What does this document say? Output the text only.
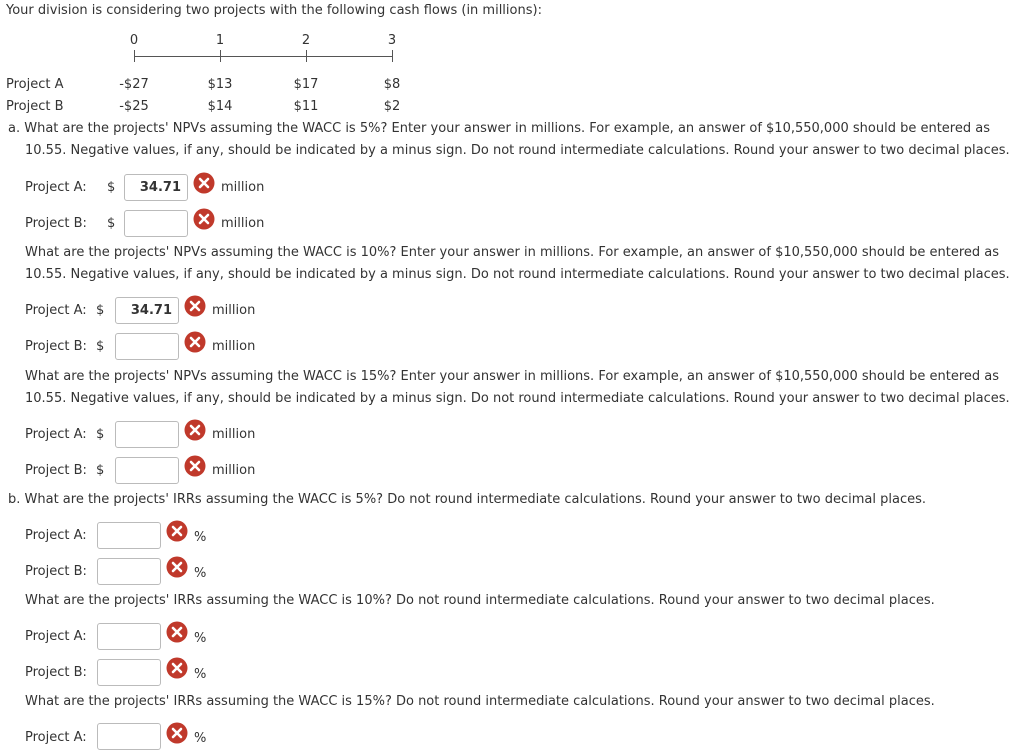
Your division is considering two projects with the following cash flows (in millions):
0	1	2	3
Project A	-$27	$13	$17	$8
Project B	-$25	$14	$11	$2
a. What are the projects' NPVs assuming the WACC is 5%? Enter your answer in millions. For example, an answer of $10,550,000 should be entered as
10.55. Negative values, if any, should be indicated by a minus sign. Do not round intermediate calculations. Round your answer to two decimal places.
Project A: $
34.71	million
Project B: $	million
What are the projects' NPVs assuming the WACC is 10%? Enter your answer in millions. For example, an answer of $10,550,000 should be entered as
10.55. Negative values, if any, should be indicated by a minus sign. Do not round intermediate calculations. Round your answer to two decimal places.
Project A: $
34.71	million
Project B: $	million
What are the projects' NPVs assuming the WACC is 15%? Enter your answer in millions. For example, an answer of $10,550,000 should be entered as
10.55. Negative values, if any, should be indicated by a minus sign. Do not round intermediate calculations. Round your answer to two decimal places.
Project A: $	million
Project B: $	million
b. What are the projects' IRRs assuming the WACC is 5%? Do not round intermediate calculations. Round your answer to two decimal places.
Project A:	%
Project B:	%
What are the projects' IRRs assuming the WACC is 10%? Do not round intermediate calculations. Round your answer to two decimal places.
Project A:	%
Project B:	%
What are the projects' IRRs assuming the WACC is 15%? Do not round intermediate calculations. Round your answer to two decimal places.
Project A:	%
